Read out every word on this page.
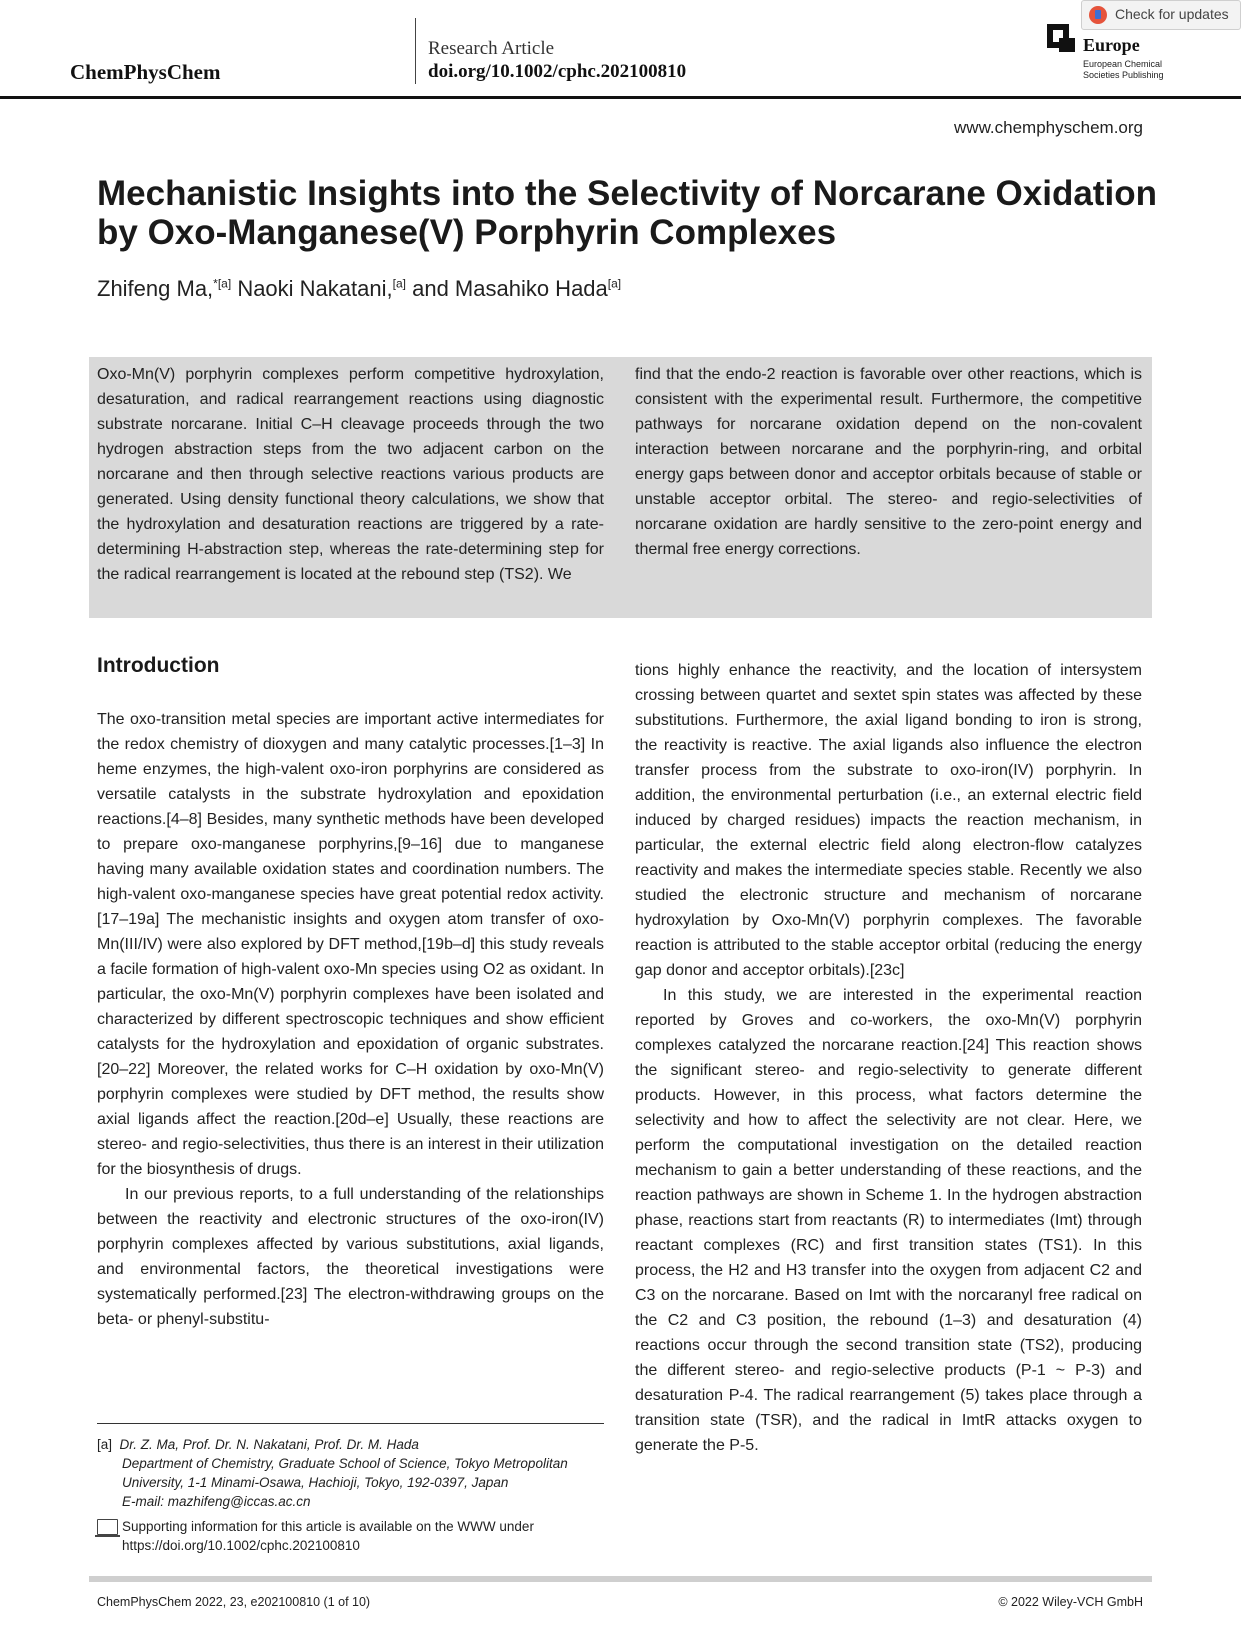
ChemPhysChem
Research Article
doi.org/10.1002/cphc.202100810
Europe
European Chemical Societies Publishing
Check for updates
www.chemphyschem.org
Mechanistic Insights into the Selectivity of Norcarane Oxidation by Oxo-Manganese(V) Porphyrin Complexes
Zhifeng Ma,$^{*[a]}$ Naoki Nakatani,[a] and Masahiko Hada[a]
Oxo-Mn(V) porphyrin complexes perform competitive hydroxylation, desaturation, and radical rearrangement reactions using diagnostic substrate norcarane. Initial C–H cleavage proceeds through the two hydrogen abstraction steps from the two adjacent carbon on the norcarane and then through selective reactions various products are generated. Using density functional theory calculations, we show that the hydroxylation and desaturation reactions are triggered by a rate-determining H-abstraction step, whereas the rate-determining step for the radical rearrangement is located at the rebound step (TS2). We
find that the endo-2 reaction is favorable over other reactions, which is consistent with the experimental result. Furthermore, the competitive pathways for norcarane oxidation depend on the non-covalent interaction between norcarane and the porphyrin-ring, and orbital energy gaps between donor and acceptor orbitals because of stable or unstable acceptor orbital. The stereo- and regio-selectivities of norcarane oxidation are hardly sensitive to the zero-point energy and thermal free energy corrections.
Introduction

The oxo-transition metal species are important active intermediates for the redox chemistry of dioxygen and many catalytic processes.[1–3] In heme enzymes, the high-valent oxo-iron porphyrins are considered as versatile catalysts in the substrate hydroxylation and epoxidation reactions.[4–8] Besides, many synthetic methods have been developed to prepare oxo-manganese porphyrins,[9–16] due to manganese having many available oxidation states and coordination numbers. The high-valent oxo-manganese species have great potential redox activity.[17–19a] The mechanistic insights and oxygen atom transfer of oxo-Mn(III/IV) were also explored by DFT method,[19b–d] this study reveals a facile formation of high-valent oxo-Mn species using O2 as oxidant. In particular, the oxo-Mn(V) porphyrin complexes have been isolated and characterized by different spectroscopic techniques and show efficient catalysts for the hydroxylation and epoxidation of organic substrates.[20–22] Moreover, the related works for C–H oxidation by oxo-Mn(V) porphyrin complexes were studied by DFT method, the results show axial ligands affect the reaction.[20d–e] Usually, these reactions are stereo- and regio-selectivities, thus there is an interest in their utilization for the biosynthesis of drugs.

In our previous reports, to a full understanding of the relationships between the reactivity and electronic structures of the oxo-iron(IV) porphyrin complexes affected by various substitutions, axial ligands, and environmental factors, the theoretical investigations were systematically performed.[23] The electron-withdrawing groups on the beta- or phenyl-substitu-

tions highly enhance the reactivity, and the location of intersystem crossing between quartet and sextet spin states was affected by these substitutions. Furthermore, the axial ligand bonding to iron is strong, the reactivity is reactive. The axial ligands also influence the electron transfer process from the substrate to oxo-iron(IV) porphyrin. In addition, the environmental perturbation (i.e., an external electric field induced by charged residues) impacts the reaction mechanism, in particular, the external electric field along electron-flow catalyzes reactivity and makes the intermediate species stable. Recently we also studied the electronic structure and mechanism of norcarane hydroxylation by Oxo-Mn(V) porphyrin complexes. The favorable reaction is attributed to the stable acceptor orbital (reducing the energy gap donor and acceptor orbitals).[23c]

In this study, we are interested in the experimental reaction reported by Groves and co-workers, the oxo-Mn(V) porphyrin complexes catalyzed the norcarane reaction.[24] This reaction shows the significant stereo- and regio-selectivity to generate different products. However, in this process, what factors determine the selectivity and how to affect the selectivity are not clear. Here, we perform the computational investigation on the detailed reaction mechanism to gain a better understanding of these reactions, and the reaction pathways are shown in Scheme 1. In the hydrogen abstraction phase, reactions start from reactants (R) to intermediates (Imt) through reactant complexes (RC) and first transition states (TS1). In this process, the H2 and H3 transfer into the oxygen from adjacent C2 and C3 on the norcarane. Based on Imt with the norcaranyl free radical on the C2 and C3 position, the rebound (1–3) and desaturation (4) reactions occur through the second transition state (TS2), producing the different stereo- and regio-selective products (P-1 ~ P-3) and desaturation P-4. The radical rearrangement (5) takes place through a transition state (TSR), and the radical in ImtR attacks oxygen to generate the P-5.

[a] Dr. Z. Ma, Prof. Dr. N. Nakatani, Prof. Dr. M. Hada
Department of Chemistry, Graduate School of Science, Tokyo Metropolitan University, 1-1 Minami-Osawa, Hachioji, Tokyo, 192-0397, Japan
E-mail: mazhifeng@iccas.ac.cn
Supporting information for this article is available on the WWW under https://doi.org/10.1002/cphc.202100810
ChemPhysChem 2022, 23, e202100810 (1 of 10)	© 2022 Wiley-VCH GmbH
